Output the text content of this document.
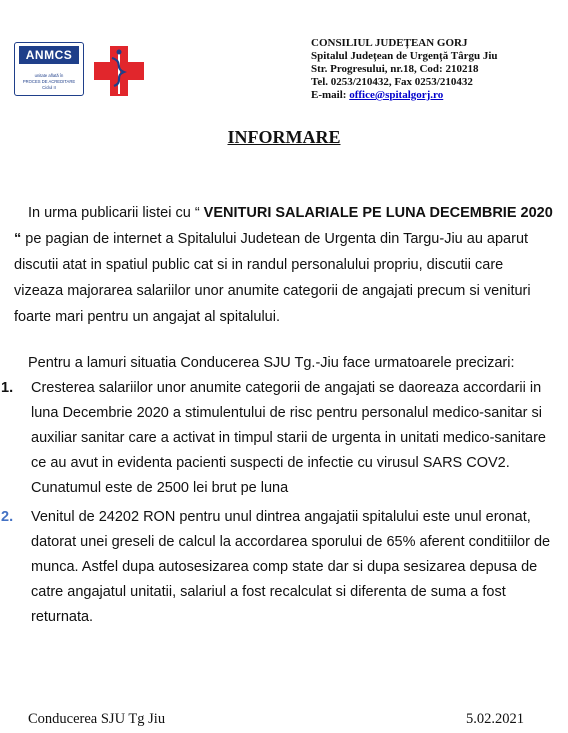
ANMCS
unitate aflată în
PROCES DE ACREDITARE
Ciclul II
CONSILIUL JUDEȚEAN GORJ
Spitalul Județean de Urgență Târgu Jiu
Str. Progresului, nr.18, Cod: 210218
Tel. 0253/210432, Fax 0253/210432
E-mail: office@spitalgorj.ro
INFORMARE

In urma publicarii listei cu “ VENITURI SALARIALE PE LUNA DECEMBRIE 2020 “ pe pagian de internet a Spitalului Judetean de Urgenta din Targu-Jiu au aparut discutii atat in spatiul public cat si in randul personalului propriu, discutii care vizeaza majorarea salariilor unor anumite categorii de angajati precum si venituri foarte mari pentru un angajat al spitalului.

Pentru a lamuri situatia Conducerea SJU Tg.-Jiu face urmatoarele precizari:

1.	Cresterea salariilor unor anumite categorii de angajati se daoreaza accordarii in luna Decembrie 2020 a stimulentului de risc pentru personalul medico-sanitar si auxiliar sanitar care a activat in timpul starii de urgenta in unitati medico-sanitare ce au avut in evidenta pacienti suspecti de infectie cu virusul SARS COV2. Cunatumul este de 2500 lei brut pe luna

2.	Venitul de 24202 RON pentru unul dintrea angajatii spitalului este unul eronat, datorat unei greseli de calcul la accordarea sporului de 65% aferent conditiilor de munca. Astfel dupa autosesizarea comp state dar si dupa sesizarea depusa de catre angajatul unitatii, salariul a fost recalculat si diferenta de suma a fost returnata.

Conducerea SJU Tg Jiu	5.02.2021
